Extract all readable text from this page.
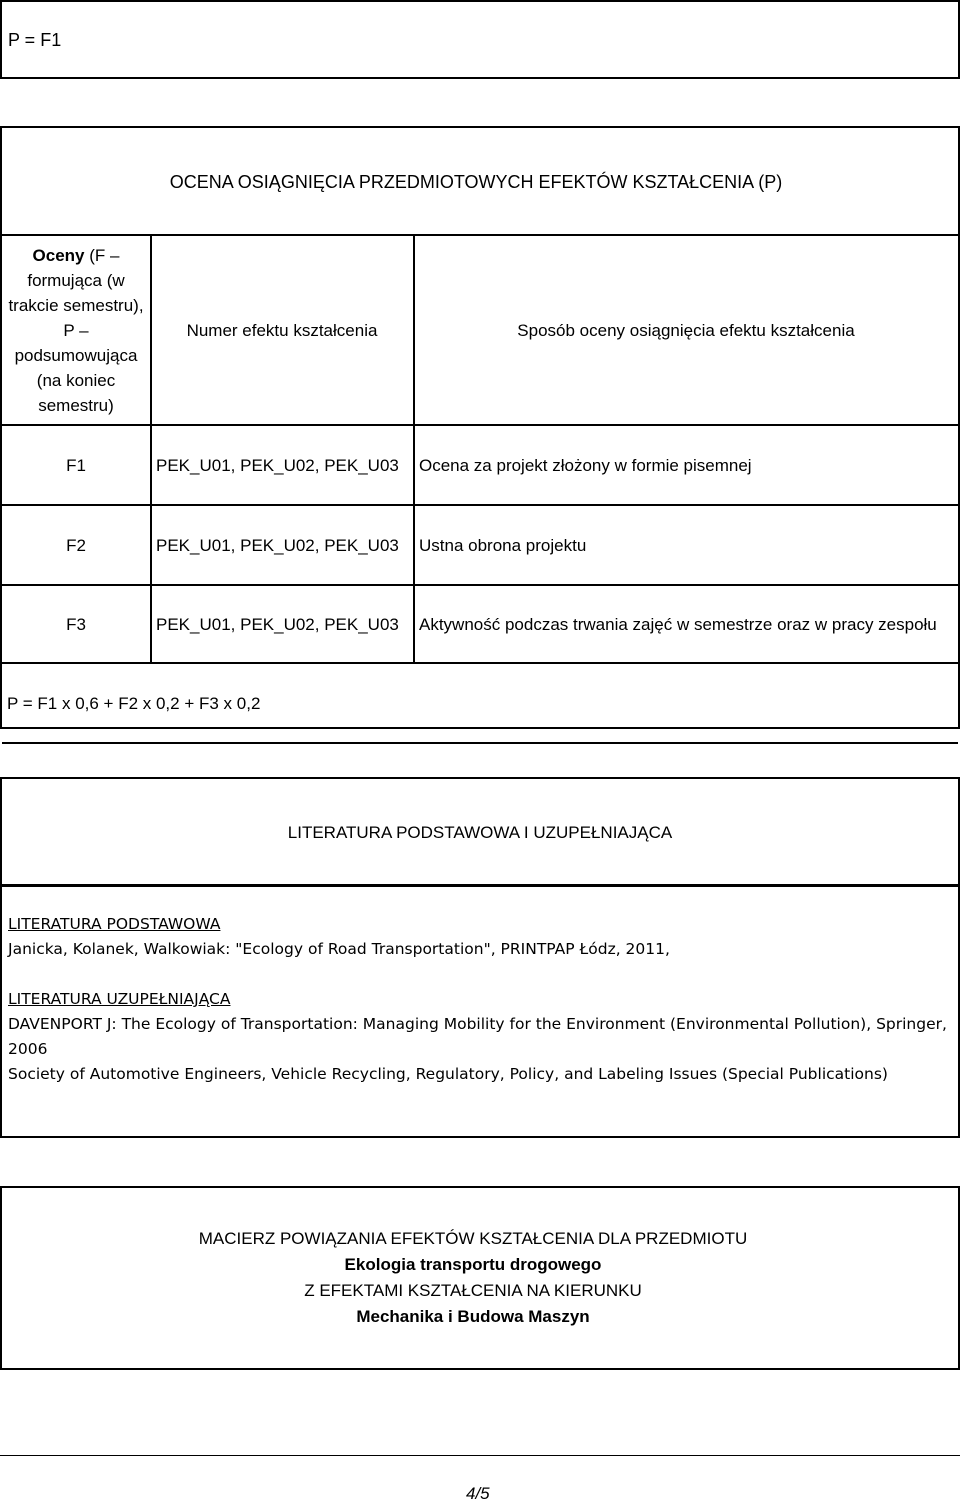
P = F1
OCENA OSIĄGNIĘCIA PRZEDMIOTOWYCH EFEKTÓW KSZTAŁCENIA (P)
Oceny (F – formująca (w trakcie semestru), P – podsumowująca (na koniec semestru)	Numer efektu kształcenia	Sposób oceny osiągnięcia efektu kształcenia
F1	PEK_U01, PEK_U02, PEK_U03	Ocena za projekt złożony w formie pisemnej
F2	PEK_U01, PEK_U02, PEK_U03	Ustna obrona projektu
F3	PEK_U01, PEK_U02, PEK_U03	Aktywność podczas trwania zajęć w semestrze oraz w pracy zespołu
P = F1 x 0,6 + F2 x 0,2 + F3 x 0,2		
LITERATURA PODSTAWOWA I UZUPEŁNIAJĄCA
LITERATURA PODSTAWOWA
Janicka, Kolanek, Walkowiak: "Ecology of Road Transportation", PRINTPAP Łódz, 2011,
LITERATURA UZUPEŁNIAJĄCA
DAVENPORT J: The Ecology of Transportation: Managing Mobility for the Environment (Environmental Pollution), Springer, 2006
Society of Automotive Engineers, Vehicle Recycling, Regulatory, Policy, and Labeling Issues (Special Publications)
MACIERZ POWIĄZANIA EFEKTÓW KSZTAŁCENIA DLA PRZEDMIOTU
Ekologia transportu drogowego
Z EFEKTAMI KSZTAŁCENIA NA KIERUNKU
Mechanika i Budowa Maszyn
4/5
